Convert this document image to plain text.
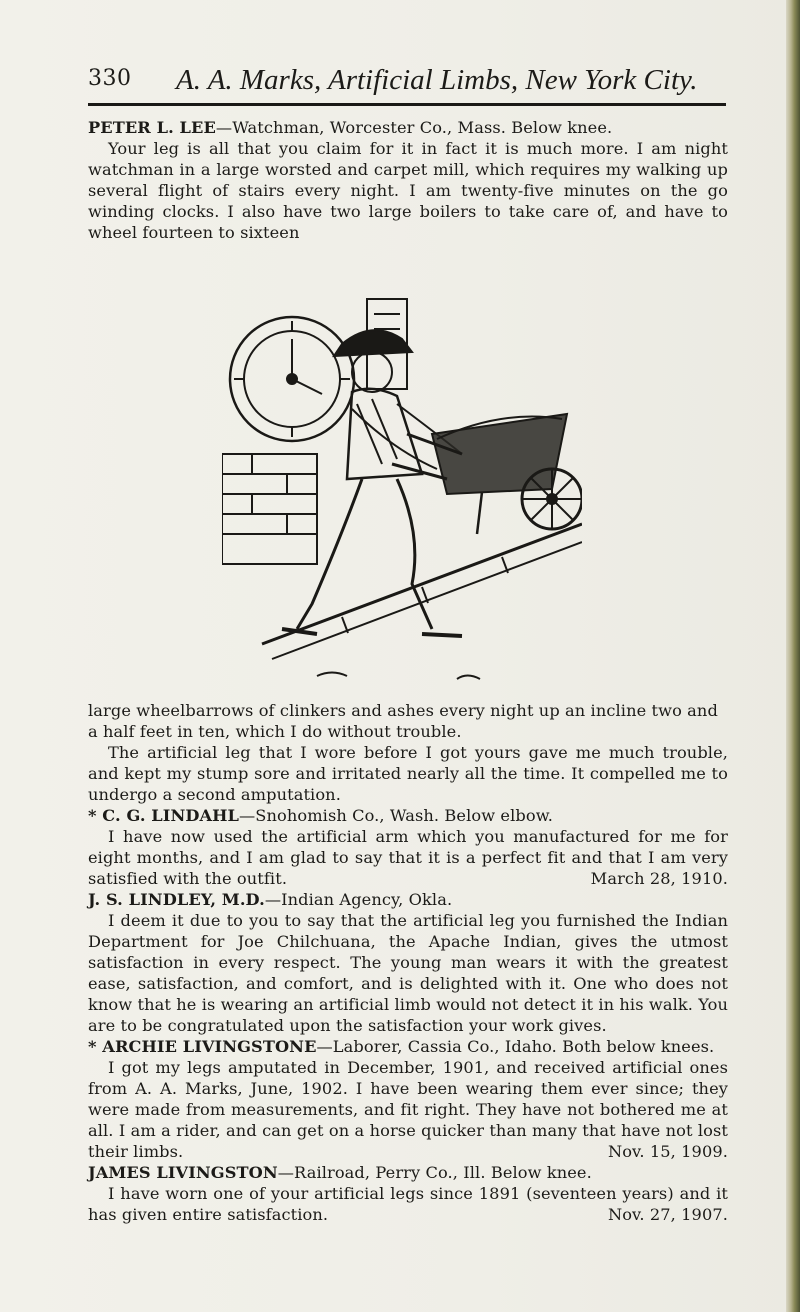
330 A. A. Marks, Artificial Limbs, New York City.

PETER L. LEE—Watchman, Worcester Co., Mass. Below knee.

Your leg is all that you claim for it in fact it is much more. I am night watchman in a large worsted and carpet mill, which requires my walking up several flight of stairs every night. I am twenty-five minutes on the go winding clocks. I also have two large boilers to take care of, and have to wheel fourteen to sixteen

large wheelbarrows of clinkers and ashes every night up an incline two and a half feet in ten, which I do without trouble.

The artificial leg that I wore before I got yours gave me much trouble, and kept my stump sore and irritated nearly all the time. It compelled me to undergo a second amputation.

* C. G. LINDAHL—Snohomish Co., Wash. Below elbow.

I have now used the artificial arm which you manufactured for me for eight months, and I am glad to say that it is a perfect fit and that I am very satisfied with the outfit.	March 28, 1910.

J. S. LINDLEY, M.D.—Indian Agency, Okla.

I deem it due to you to say that the artificial leg you furnished the Indian Department for Joe Chilchuana, the Apache Indian, gives the utmost satisfaction in every respect. The young man wears it with the greatest ease, satisfaction, and comfort, and is delighted with it. One who does not know that he is wearing an artificial limb would not detect it in his walk. You are to be congratulated upon the satisfaction your work gives.

* ARCHIE LIVINGSTONE—Laborer, Cassia Co., Idaho. Both below knees.

I got my legs amputated in December, 1901, and received artificial ones from A. A. Marks, June, 1902. I have been wearing them ever since; they were made from measurements, and fit right. They have not bothered me at all. I am a rider, and can get on a horse quicker than many that have not lost their limbs.	Nov. 15, 1909.

JAMES LIVINGSTON—Railroad, Perry Co., Ill. Below knee.

I have worn one of your artificial legs since 1891 (seventeen years) and it has given entire satisfaction.	Nov. 27, 1907.
